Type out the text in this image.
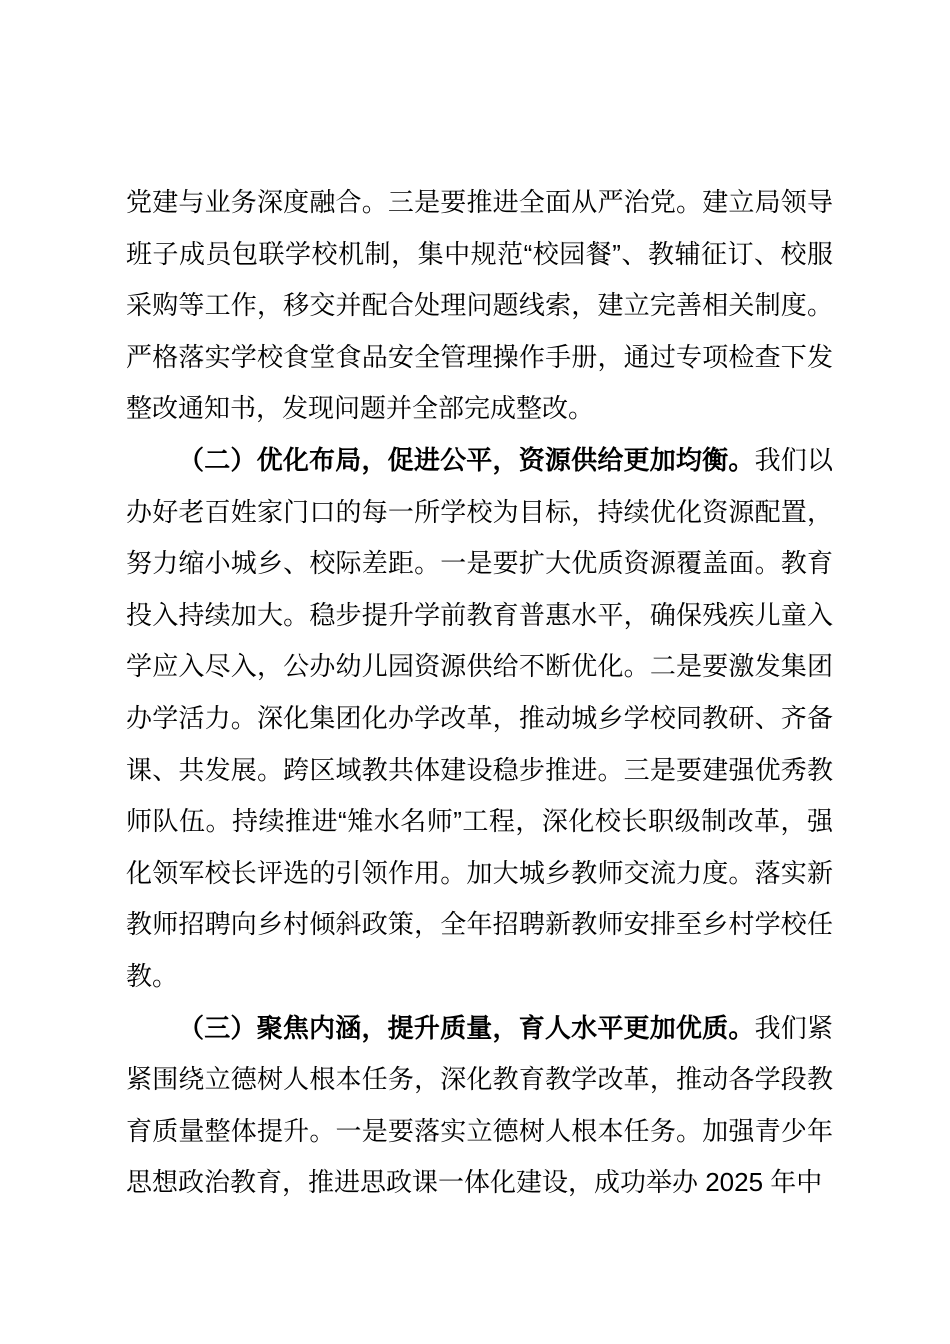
党建与业务深度融合。三是要推进全面从严治党。建立局领导班子成员包联学校机制，集中规范“校园餐”、教辅征订、校服采购等工作，移交并配合处理问题线索，建立完善相关制度。严格落实学校食堂食品安全管理操作手册，通过专项检查下发整改通知书，发现问题并全部完成整改。

（二）优化布局，促进公平，资源供给更加均衡。我们以办好老百姓家门口的每一所学校为目标，持续优化资源配置，努力缩小城乡、校际差距。一是要扩大优质资源覆盖面。教育投入持续加大。稳步提升学前教育普惠水平，确保残疾儿童入学应入尽入，公办幼儿园资源供给不断优化。二是要激发集团办学活力。深化集团化办学改革，推动城乡学校同教研、齐备课、共发展。跨区域教共体建设稳步推进。三是要建强优秀教师队伍。持续推进“雉水名师”工程，深化校长职级制改革，强化领军校长评选的引领作用。加大城乡教师交流力度。落实新教师招聘向乡村倾斜政策，全年招聘新教师安排至乡村学校任教。

（三）聚焦内涵，提升质量，育人水平更加优质。我们紧紧围绕立德树人根本任务，深化教育教学改革，推动各学段教育质量整体提升。一是要落实立德树人根本任务。加强青少年思想政治教育，推进思政课一体化建设，成功举办 2025 年中
